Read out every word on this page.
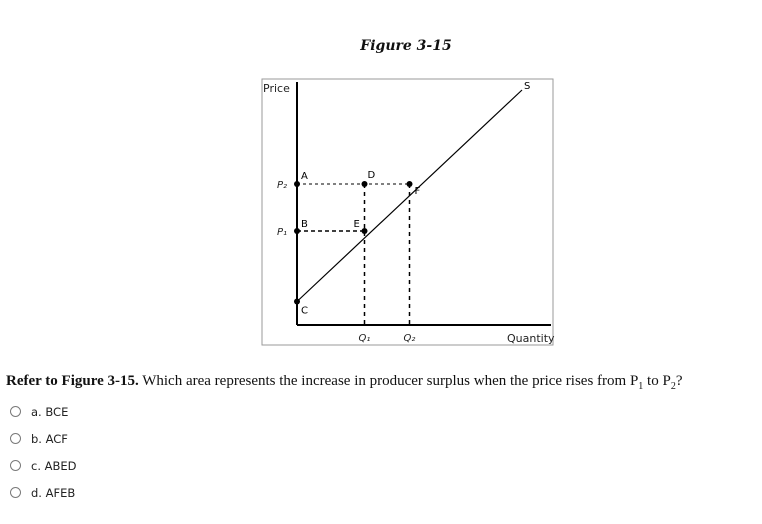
Figure 3-15
Price
Quantity
S
A
B
C
D
E
F
P₂
P₁
Q₁	Q₂
Refer to Figure 3-15. Which area represents the increase in producer surplus when the price rises from $P_1$ to $P_2$?
a. BCE
b. ACF
c. ABED
d. AFEB
